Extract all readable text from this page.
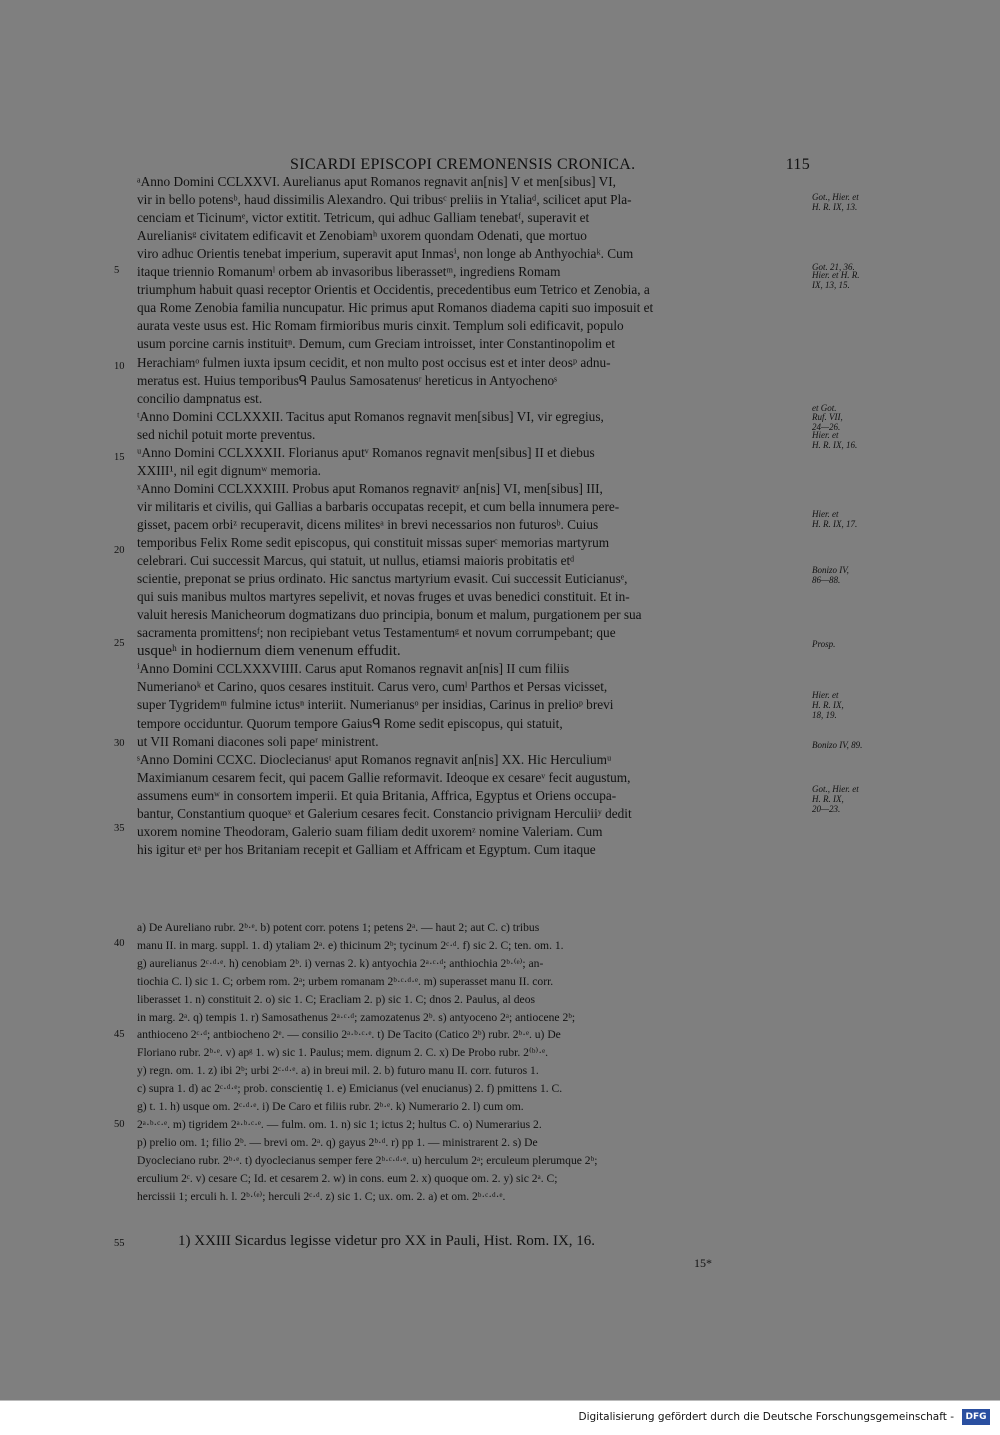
SICARDI EPISCOPI CREMONENSIS CRONICA.	115
ᵃAnno Domini CCLXXVI. Aurelianus aput Romanos regnavit an[nis] V et men[sibus] VI,
vir in bello potensᵇ, haud dissimilis Alexandro. Qui tribusᶜ preliis in Ytaliaᵈ, scilicet aput Pla-
cenciam et Ticinumᵉ, victor extitit. Tetricum, qui adhuc Galliam tenebatᶠ, superavit et
Aurelianisᵍ civitatem edificavit et Zenobiamʰ uxorem quondam Odenati, que mortuo
viro adhuc Orientis tenebat imperium, superavit aput Inmasⁱ, non longe ab Anthyochiaᵏ. Cum
itaque triennio Romanumˡ orbem ab invasoribus liberassetᵐ, ingrediens Romam
triumphum habuit quasi receptor Orientis et Occidentis, precedentibus eum Tetrico et Zenobia, a
qua Rome Zenobia familia nuncupatur. Hic primus aput Romanos diadema capiti suo imposuit et
aurata veste usus est. Hic Romam firmioribus muris cinxit. Templum soli edificavit, populo
usum porcine carnis instituitⁿ. Demum, cum Greciam introisset, inter Constantinopolim et
Herachiamᵒ fulmen iuxta ipsum cecidit, et non multo post occisus est et inter deosᵖ adnu-
meratus est. Huius temporibusᑫ Paulus Samosatenusʳ hereticus in Antyochenoˢ
concilio dampnatus est.
ᵗAnno Domini CCLXXXII. Tacitus aput Romanos regnavit men[sibus] VI, vir egregius,
sed nichil potuit morte preventus.
ᵘAnno Domini CCLXXXII. Florianus aputᵛ Romanos regnavit men[sibus] II et diebus
XXIII¹, nil egit dignumʷ memoria.
ˣAnno Domini CCLXXXIII. Probus aput Romanos regnavitʸ an[nis] VI, men[sibus] III,
vir militaris et civilis, qui Gallias a barbaris occupatas recepit, et cum bella innumera pere-
gisset, pacem orbiᶻ recuperavit, dicens militesᵃ in brevi necessarios non futurosᵇ. Cuius
temporibus Felix Rome sedit episcopus, qui constituit missas superᶜ memorias martyrum
celebrari. Cui successit Marcus, qui statuit, ut nullus, etiamsi maioris probitatis etᵈ
scientie, preponat se prius ordinato. Hic sanctus martyrium evasit. Cui successit Euticianusᵉ,
qui suis manibus multos martyres sepelivit, et novas fruges et uvas benedici constituit. Et in-
valuit heresis Manicheorum dogmatizans duo principia, bonum et malum, purgationem per sua
sacramenta promittensᶠ; non recipiebant vetus Testamentumᵍ et novum corrumpebant; que
usqueʰ in hodiernum diem venenum effudit.
ⁱAnno Domini CCLXXXVIIII. Carus aput Romanos regnavit an[nis] II cum filiis
Numerianoᵏ et Carino, quos cesares instituit. Carus vero, cumˡ Parthos et Persas vicisset,
super Tygridemᵐ fulmine ictusⁿ interiit. Numerianusᵒ per insidias, Carinus in prelioᵖ brevi
tempore occiduntur. Quorum tempore Gaiusᑫ Rome sedit episcopus, qui statuit,
ut VII Romani diacones soli papeʳ ministrent.
ˢAnno Domini CCXC. Dioclecianusᵗ aput Romanos regnavit an[nis] XX. Hic Herculiumᵘ
Maximianum cesarem fecit, qui pacem Gallie reformavit. Ideoque ex cesareᵛ fecit augustum,
assumens eumʷ in consortem imperii. Et quia Britania, Affrica, Egyptus et Oriens occupa-
bantur, Constantium quoqueˣ et Galerium cesares fecit. Constancio privignam Herculiiʸ dedit
uxorem nomine Theodoram, Galerio suam filiam dedit uxoremᶻ nomine Valeriam. Cum
his igitur etᵃ per hos Britaniam recepit et Galliam et Affricam et Egyptum. Cum itaque
5
10
15
20
25
30
35
40
45
50
55
Got., Hier. et
H. R. IX, 13.
Got. 21, 36.
Hier. et H. R.
IX, 13, 15.
et Got.
Ruf. VII,
24—26.
Hier. et
H. R. IX, 16.
Hier. et
H. R. IX, 17.
Bonizo IV,
86—88.
Prosp.
Hier. et
H. R. IX,
18, 19.
Bonizo IV, 89.
Got., Hier. et
H. R. IX,
20—23.
a) De Aureliano rubr. 2ᵇ·ᵉ. b) potent corr. potens 1; petens 2ᵃ. — haut 2; aut C. c) tribus
manu II. in marg. suppl. 1. d) ytaliam 2ᵃ. e) thicinum 2ᵇ; tycinum 2ᶜ·ᵈ. f) sic 2. C; ten. om. 1.
g) aurelianus 2ᶜ·ᵈ·ᵉ. h) cenobiam 2ᵇ. i) vernas 2. k) antyochia 2ᵃ·ᶜ·ᵈ; anthiochia 2ᵇ·⁽ᵉ⁾; an-
tiochia C. l) sic 1. C; orbem rom. 2ᵃ; urbem romanam 2ᵇ·ᶜ·ᵈ·ᵉ. m) superasset manu II. corr.
liberasset 1. n) constituit 2. o) sic 1. C; Eracliam 2. p) sic 1. C; dnos 2. Paulus, al deos
in marg. 2ᵃ. q) tempis 1. r) Samosathenus 2ᵃ·ᶜ·ᵈ; zamozatenus 2ᵇ. s) antyoceno 2ᵃ; antiocene 2ᵇ;
anthioceno 2ᶜ·ᵈ; antbiocheno 2ᵉ. — consilio 2ᵃ·ᵇ·ᶜ·ᵉ. t) De Tacito (Catico 2ᵇ) rubr. 2ᵇ·ᵉ. u) De
Floriano rubr. 2ᵇ·ᵉ. v) apᵍ 1. w) sic 1. Paulus; mem. dignum 2. C. x) De Probo rubr. 2⁽ᵇ⁾·ᵉ.
y) regn. om. 1. z) ibi 2ᵇ; urbi 2ᶜ·ᵈ·ᵉ. a) in breui mil. 2. b) futuro manu II. corr. futuros 1.
c) supra 1. d) ac 2ᶜ·ᵈ·ᵉ; prob. conscientię 1. e) Emicianus (vel enucianus) 2. f) pmittens 1. C.
g) t. 1. h) usque om. 2ᶜ·ᵈ·ᵉ. i) De Caro et filiis rubr. 2ᵇ·ᵉ. k) Numerario 2. l) cum om.
2ᵃ·ᵇ·ᶜ·ᵉ. m) tigridem 2ᵃ·ᵇ·ᶜ·ᵉ. — fulm. om. 1. n) sic 1; ictus 2; hultus C. o) Numerarius 2.
p) prelio om. 1; filio 2ᵇ. — brevi om. 2ᵃ. q) gayus 2ᵇ·ᵈ. r) pp 1. — ministrarent 2. s) De
Dyocleciano rubr. 2ᵇ·ᵉ. t) dyoclecianus semper fere 2ᵇ·ᶜ·ᵈ·ᵉ. u) herculum 2ᵃ; erculeum plerumque 2ᵇ;
erculium 2ᶜ. v) cesare C; Id. et cesarem 2. w) in cons. eum 2. x) quoque om. 2. y) sic 2ᵃ. C;
hercissii 1; erculi h. l. 2ᵇ·⁽ᵉ⁾; herculi 2ᶜ·ᵈ. z) sic 1. C; ux. om. 2. a) et om. 2ᵇ·ᶜ·ᵈ·ᵉ.
1) XXIII Sicardus legisse videtur pro XX in Pauli, Hist. Rom. IX, 16.
15*
Digitalisierung gefördert durch die Deutsche Forschungsgemeinschaft -	DFG
